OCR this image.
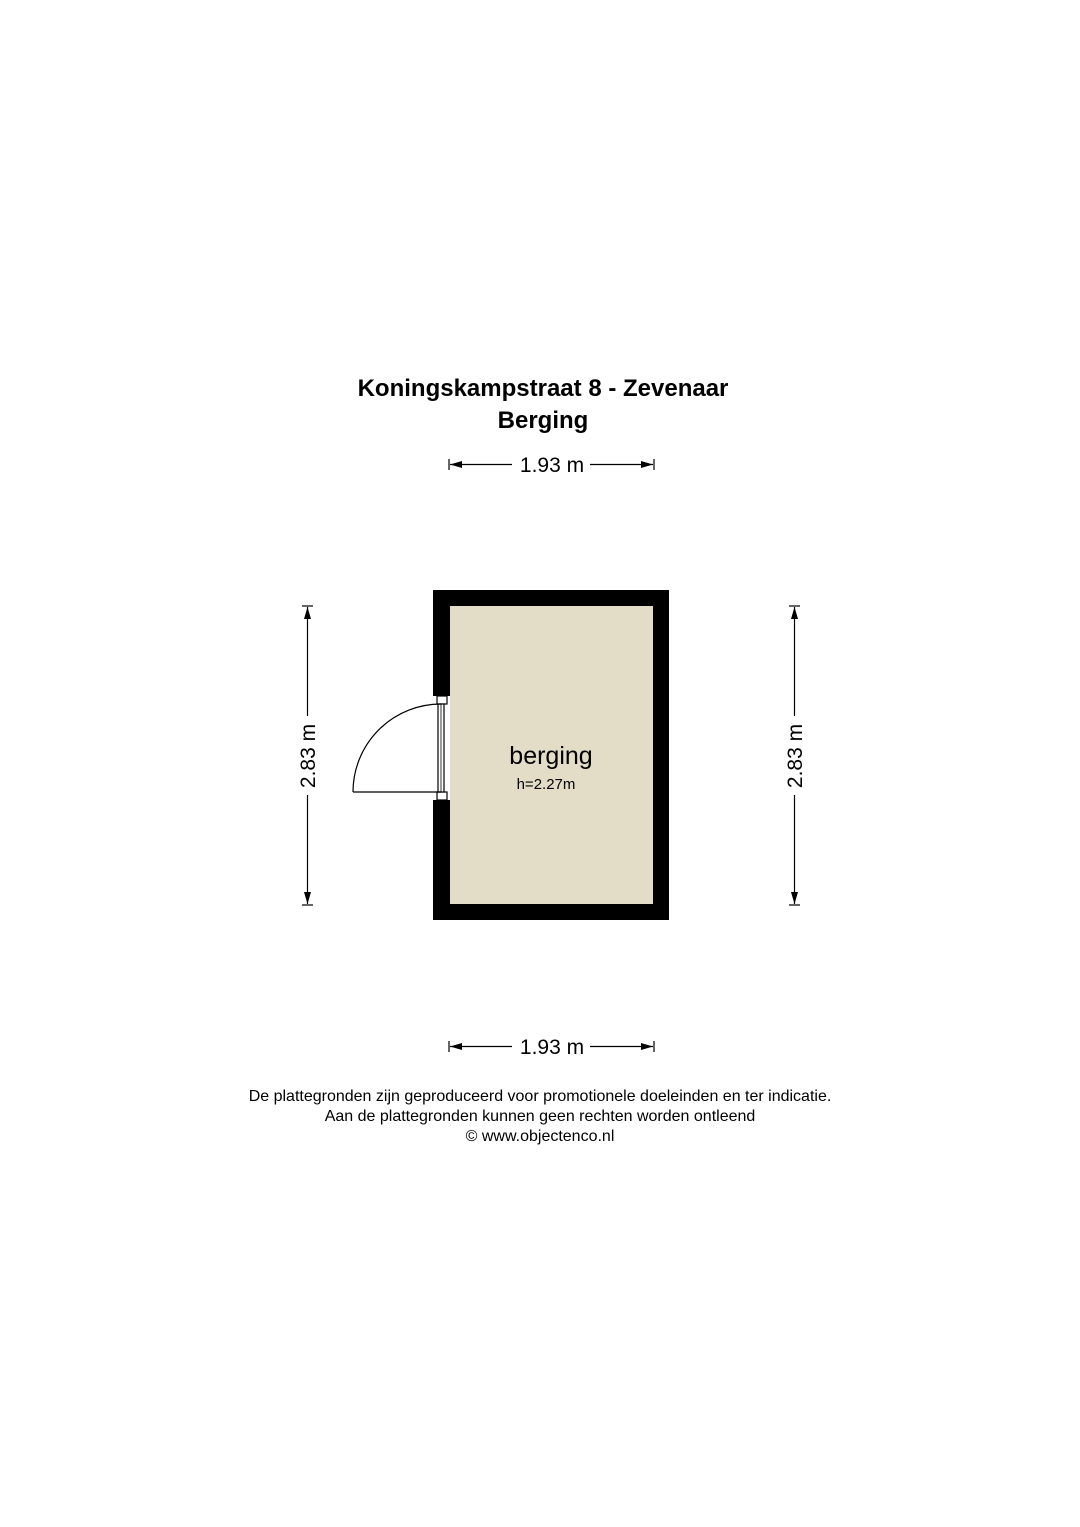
Koningskampstraat 8 - Zevenaar
Berging
1.93 m
1.93 m
2.83 m	2.83 m
berging
h=2.27m
De plattegronden zijn geproduceerd voor promotionele doeleinden en ter indicatie.
Aan de plattegronden kunnen geen rechten worden ontleend
© www.objectenco.nl
